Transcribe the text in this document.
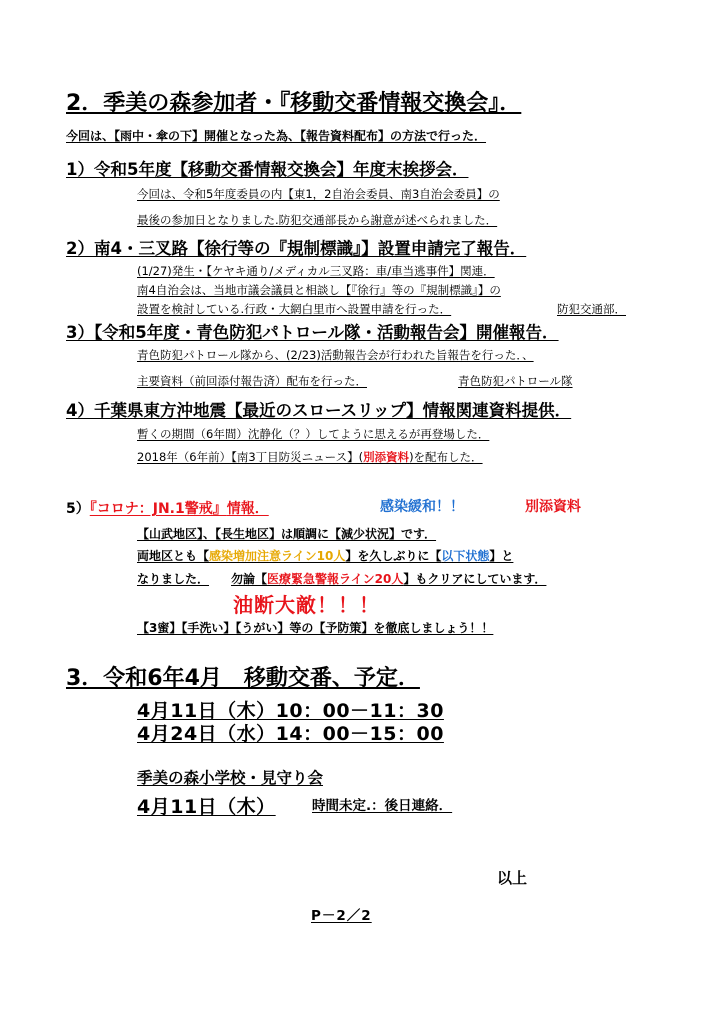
2．季美の森参加者・『移動交番情報交換会』．
今回は、【雨中・傘の下】開催となった為、【報告資料配布】の方法で行った．
1）令和5年度【移動交番情報交換会】年度末挨拶会．
今回は、令和5年度委員の内【東1，2自治会委員、南3自治会委員】の
最後の参加日となりました.防犯交通部長から謝意が述べられました．
2）南4・三叉路【徐行等の『規制標識』】設置申請完了報告．
(1/27)発生・【ケヤキ通り/メディカル三叉路：車/車当逃事件】関連．
南4自治会は、当地市議会議員と相談し【『徐行』等の『規制標識』】の
設置を検討している.行政・大網白里市へ設置申請を行った．	防犯交通部．
3）【令和5年度・青色防犯パトロール隊・活動報告会】開催報告．
青色防犯パトロール隊から、(2/23)活動報告会が行われた旨報告を行った．、
主要資料（前回添付報告済）配布を行った．	青色防犯パトロール隊
4）千葉県東方沖地震【最近のスロースリップ】情報関連資料提供．
暫くの期間（6年間）沈静化（？）してように思えるが再登場した．
2018年（6年前）【南3丁目防災ニュース】(別添資料)を配布した．
5）『コロナ：JN.1警戒』情報．	感染緩和！！	別添資料
【山武地区】、【長生地区】は順調に【減少状況】です．
両地区とも【感染増加注意ライン10人】を久しぶりに【以下状態】と
なりました． 勿論【医療緊急警報ライン20人】もクリアにしています．
油断大敵！！！
【3蜜】【手洗い】【うがい】等の【予防策】を徹底しましょう！！
3．令和6年4月　移動交番、予定．
4月11日（木）10：00－11：30
4月24日（水）14：00－15：00
季美の森小学校・見守り会
4月11日（木）	時間未定.：後日連絡．
以上
P－2／2
